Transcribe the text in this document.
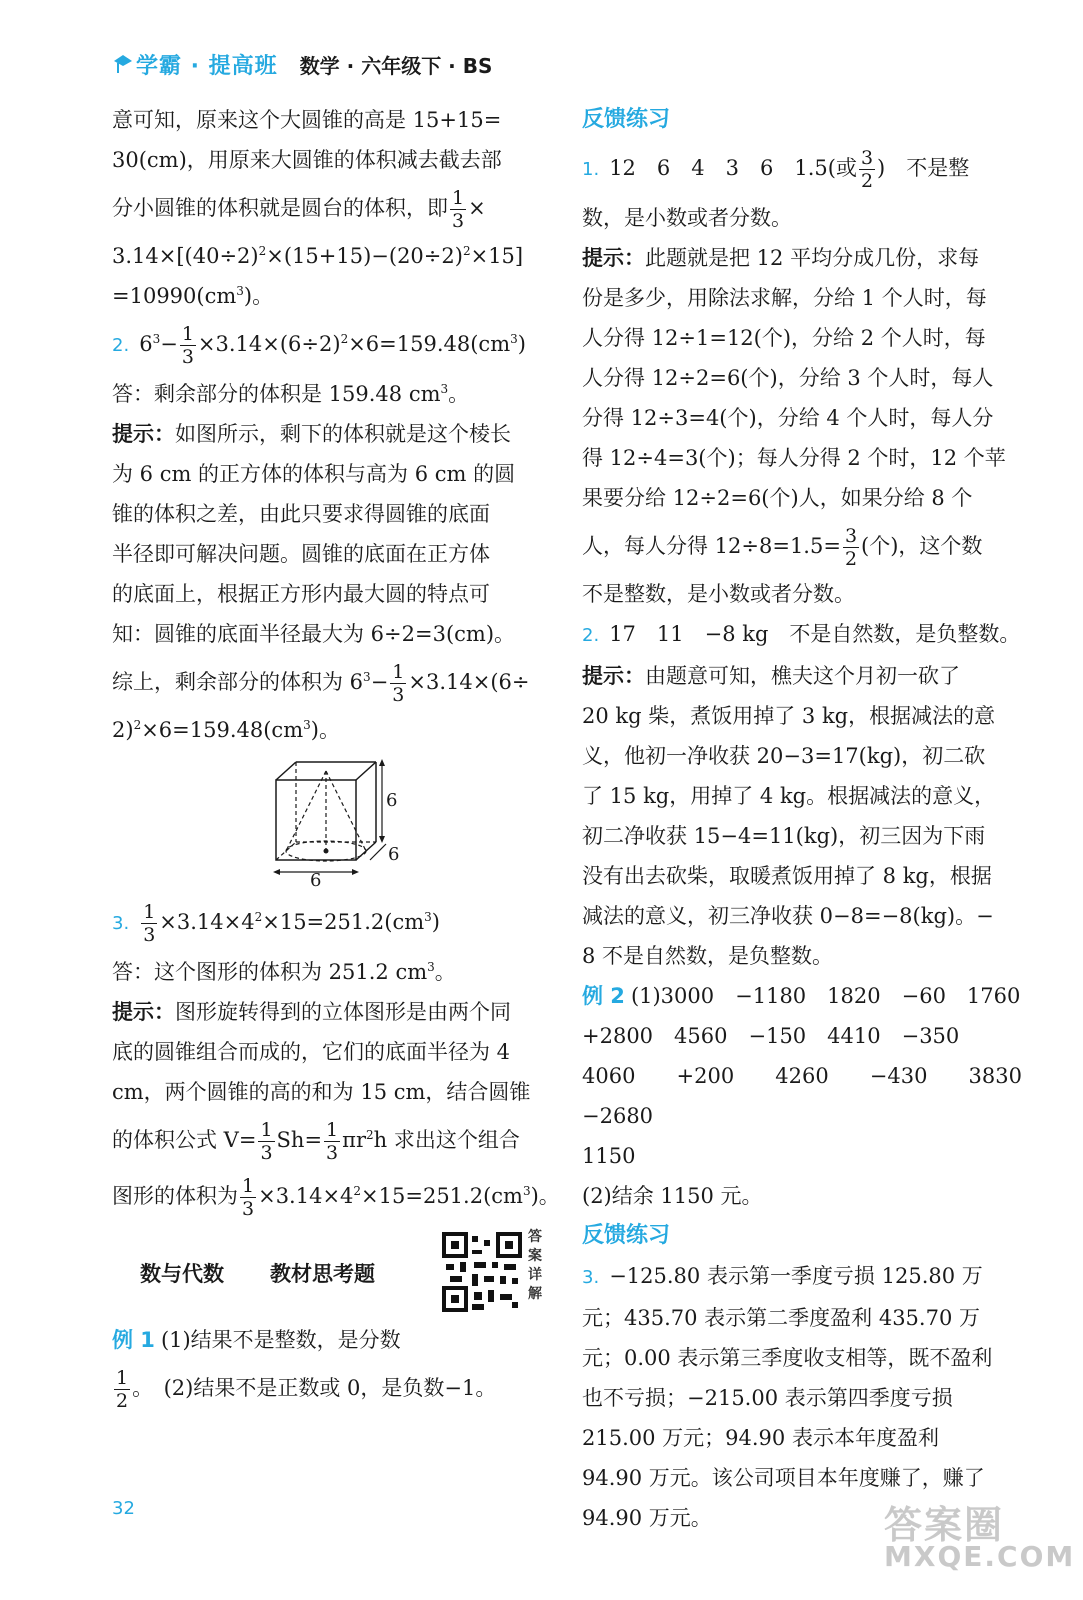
学霸 · 提高班 数学 · 六年级下 · BS

意可知，原来这个大圆锥的高是 15+15=

30(cm)，用原来大圆锥的体积减去截去部

分小圆锥的体积就是圆台的体积，即 $\frac{1}{3}$ ×

$3.14\times[(40\div 2)^2\times(15+15)-(20\div 2)^2\times 15]$

$=10990(cm^3)$。

2. $6^3- \frac{1}{3} \times 3.14\times(6\div 2)^2\times 6=159.48(cm^3)$

答：剩余部分的体积是 159.48 $cm^3$。

提示：如图所示，剩下的体积就是这个棱长

为 6 cm 的正方体的体积与高为 6 cm 的圆

锥的体积之差，由此只要求得圆锥的底面

半径即可解决问题。圆锥的底面在正方体

的底面上，根据正方形内最大圆的特点可

知：圆锥的底面半径最大为 6÷2=3(cm)。

综上，剩余部分的体积为 $6^3- \frac{1}{3} \times 3.14\times(6\div$

$2)^2\times 6=159.48(cm^3)$。

6
6
6

3. $\frac{1}{3} \times 3.14\times 4^2\times 15=251.2(cm^3)$

答：这个图形的体积为 251.2 $cm^3$。

提示：图形旋转得到的立体图形是由两个同

底的圆锥组合而成的，它们的底面半径为 4

cm，两个圆锥的高的和为 15 cm，结合圆锥

的体积公式 $V= \frac{1}{3} Sh= \frac{1}{3} \pi r^2h$ 求出这个组合

图形的体积为 $\frac{1}{3} \times 3.14\times 4^2\times 15=251.2(cm^3)$。

数与代数 教材思考题
答案详解

例 1 (1)结果不是整数，是分数

$\frac{1}{2}$ 。　(2)结果不是正数或 0，是负数−1。

反馈练习

1. 12　6　4　3　6　1.5(或 $\frac{3}{2}$ )　不是整

数，是小数或者分数。

提示：此题就是把 12 平均分成几份，求每

份是多少，用除法求解，分给 1 个人时，每

人分得 12÷1=12(个)，分给 2 个人时，每

人分得 12÷2=6(个)，分给 3 个人时，每人

分得 12÷3=4(个)，分给 4 个人时，每人分

得 12÷4=3(个)；每人分得 2 个时，12 个苹

果要分给 12÷2=6(个)人，如果分给 8 个

人，每人分得 $12\div 8=1.5= \frac{3}{2}$ (个)，这个数

不是整数，是小数或者分数。

2. 17　11　−8 kg　不是自然数，是负整数。

提示：由题意可知，樵夫这个月初一砍了

20 kg 柴，煮饭用掉了 3 kg，根据减法的意

义，他初一净收获 20−3=17(kg)，初二砍

了 15 kg，用掉了 4 kg。根据减法的意义，

初二净收获 15−4=11(kg)，初三因为下雨

没有出去砍柴，取暖煮饭用掉了 8 kg，根据

减法的意义，初三净收获 0−8=−8(kg)。−

8 不是自然数，是负整数。

例 2 (1)3000　−1180　1820　−60　1760

+2800　4560　−150　4410　−350

4060　+200　4260　−430　3830　−2680

1150

(2)结余 1150 元。

反馈练习

3. −125.80 表示第一季度亏损 125.80 万

元；435.70 表示第二季度盈利 435.70 万

元；0.00 表示第三季度收支相等，既不盈利

也不亏损；−215.00 表示第四季度亏损

215.00 万元；94.90 表示本年度盈利

94.90 万元。该公司项目本年度赚了，赚了

94.90 万元。

32	答案圈
MXQE.COM
